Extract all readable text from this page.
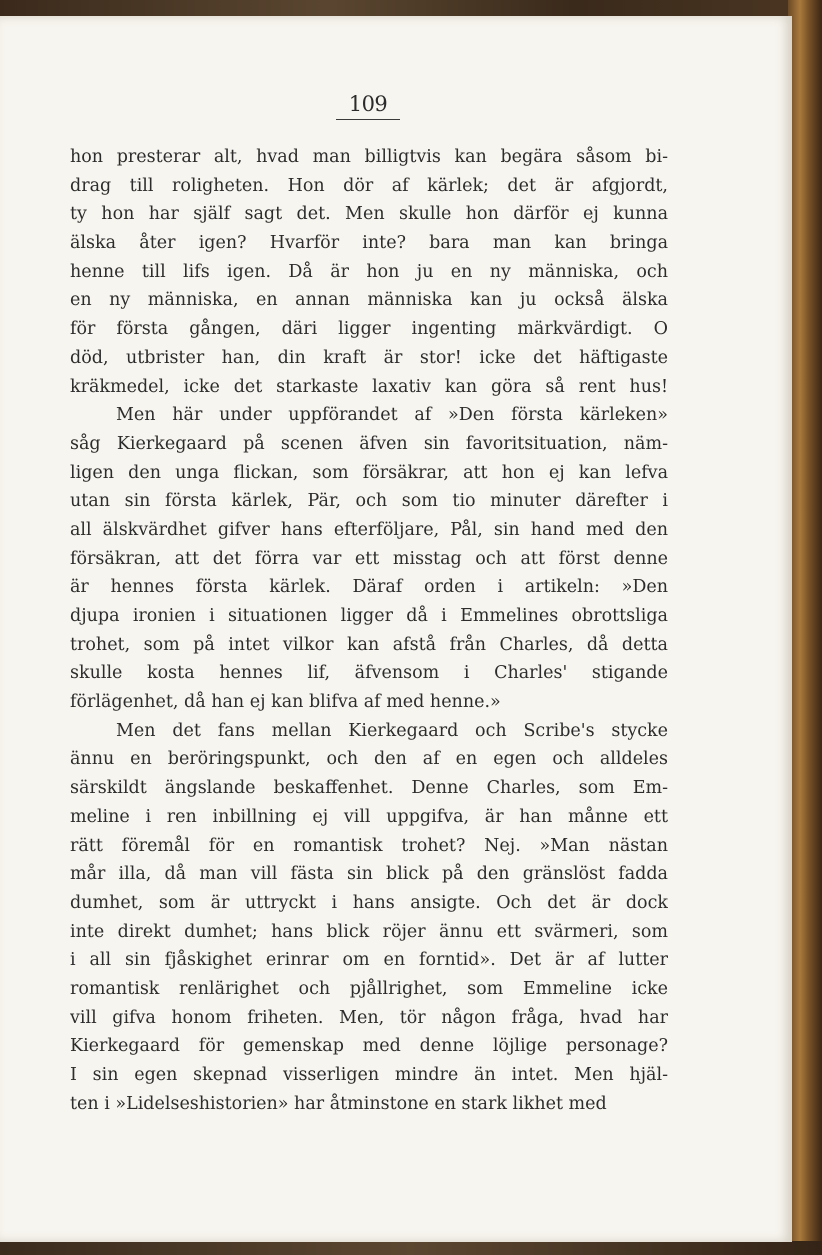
109
hon presterar alt, hvad man billigtvis kan begära såsom bi-
drag till roligheten. Hon dör af kärlek; det är afgjordt,
ty hon har själf sagt det. Men skulle hon därför ej kunna
älska åter igen? Hvarför inte? bara man kan bringa
henne till lifs igen. Då är hon ju en ny människa, och
en ny människa, en annan människa kan ju också älska
för första gången, däri ligger ingenting märkvärdigt. O
död, utbrister han, din kraft är stor! icke det häftigaste
kräkmedel, icke det starkaste laxativ kan göra så rent hus!
Men här under uppförandet af »Den första kärleken»
såg Kierkegaard på scenen äfven sin favoritsituation, näm-
ligen den unga flickan, som försäkrar, att hon ej kan lefva
utan sin första kärlek, Pär, och som tio minuter därefter i
all älskvärdhet gifver hans efterföljare, Pål, sin hand med den
försäkran, att det förra var ett misstag och att först denne
är hennes första kärlek. Däraf orden i artikeln: »Den
djupa ironien i situationen ligger då i Emmelines obrottsliga
trohet, som på intet vilkor kan afstå från Charles, då detta
skulle kosta hennes lif, äfvensom i Charles' stigande
förlägenhet, då han ej kan blifva af med henne.»
Men det fans mellan Kierkegaard och Scribe's stycke
ännu en beröringspunkt, och den af en egen och alldeles
särskildt ängslande beskaffenhet. Denne Charles, som Em-
meline i ren inbillning ej vill uppgifva, är han månne ett
rätt föremål för en romantisk trohet? Nej. »Man nästan
mår illa, då man vill fästa sin blick på den gränslöst fadda
dumhet, som är uttryckt i hans ansigte. Och det är dock
inte direkt dumhet; hans blick röjer ännu ett svärmeri, som
i all sin fjåskighet erinrar om en forntid». Det är af lutter
romantisk renlärighet och pjållrighet, som Emmeline icke
vill gifva honom friheten. Men, tör någon fråga, hvad har
Kierkegaard för gemenskap med denne löjlige personage?
I sin egen skepnad visserligen mindre än intet. Men hjäl-
ten i »Lidelseshistorien» har åtminstone en stark likhet med
